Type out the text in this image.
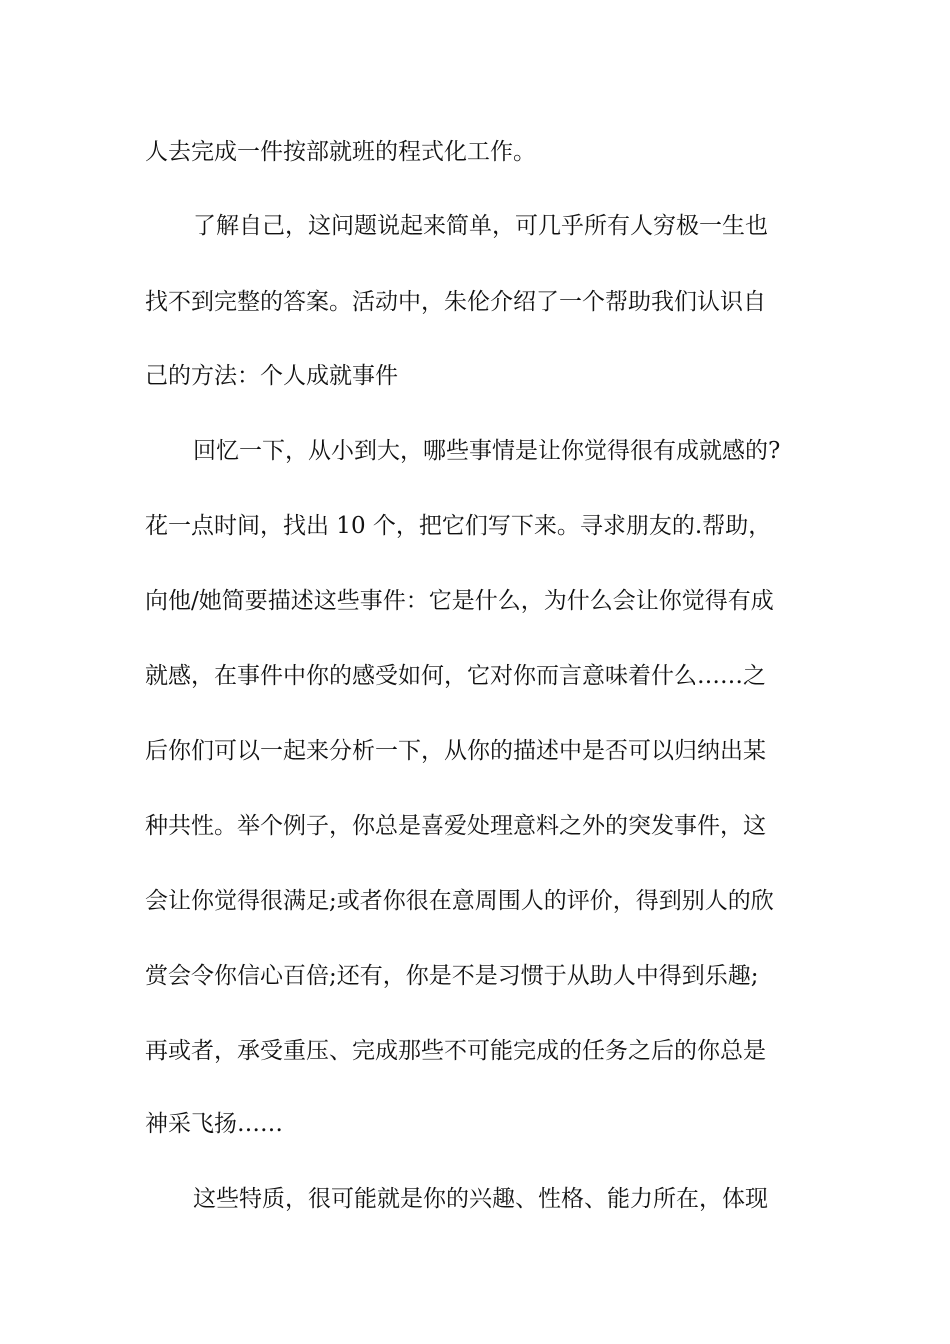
人去完成一件按部就班的程式化工作。
了解自己，这问题说起来简单，可几乎所有人穷极一生也
找不到完整的答案。活动中，朱伦介绍了一个帮助我们认识自
己的方法：个人成就事件
回忆一下，从小到大，哪些事情是让你觉得很有成就感的?
花一点时间，找出 10 个，把它们写下来。寻求朋友的.帮助，
向他/她简要描述这些事件：它是什么，为什么会让你觉得有成
就感，在事件中你的感受如何，它对你而言意味着什么……之
后你们可以一起来分析一下，从你的描述中是否可以归纳出某
种共性。举个例子，你总是喜爱处理意料之外的突发事件，这
会让你觉得很满足;或者你很在意周围人的评价，得到别人的欣
赏会令你信心百倍;还有，你是不是习惯于从助人中得到乐趣;
再或者，承受重压、完成那些不可能完成的任务之后的你总是
神采飞扬……
这些特质，很可能就是你的兴趣、性格、能力所在，体现
